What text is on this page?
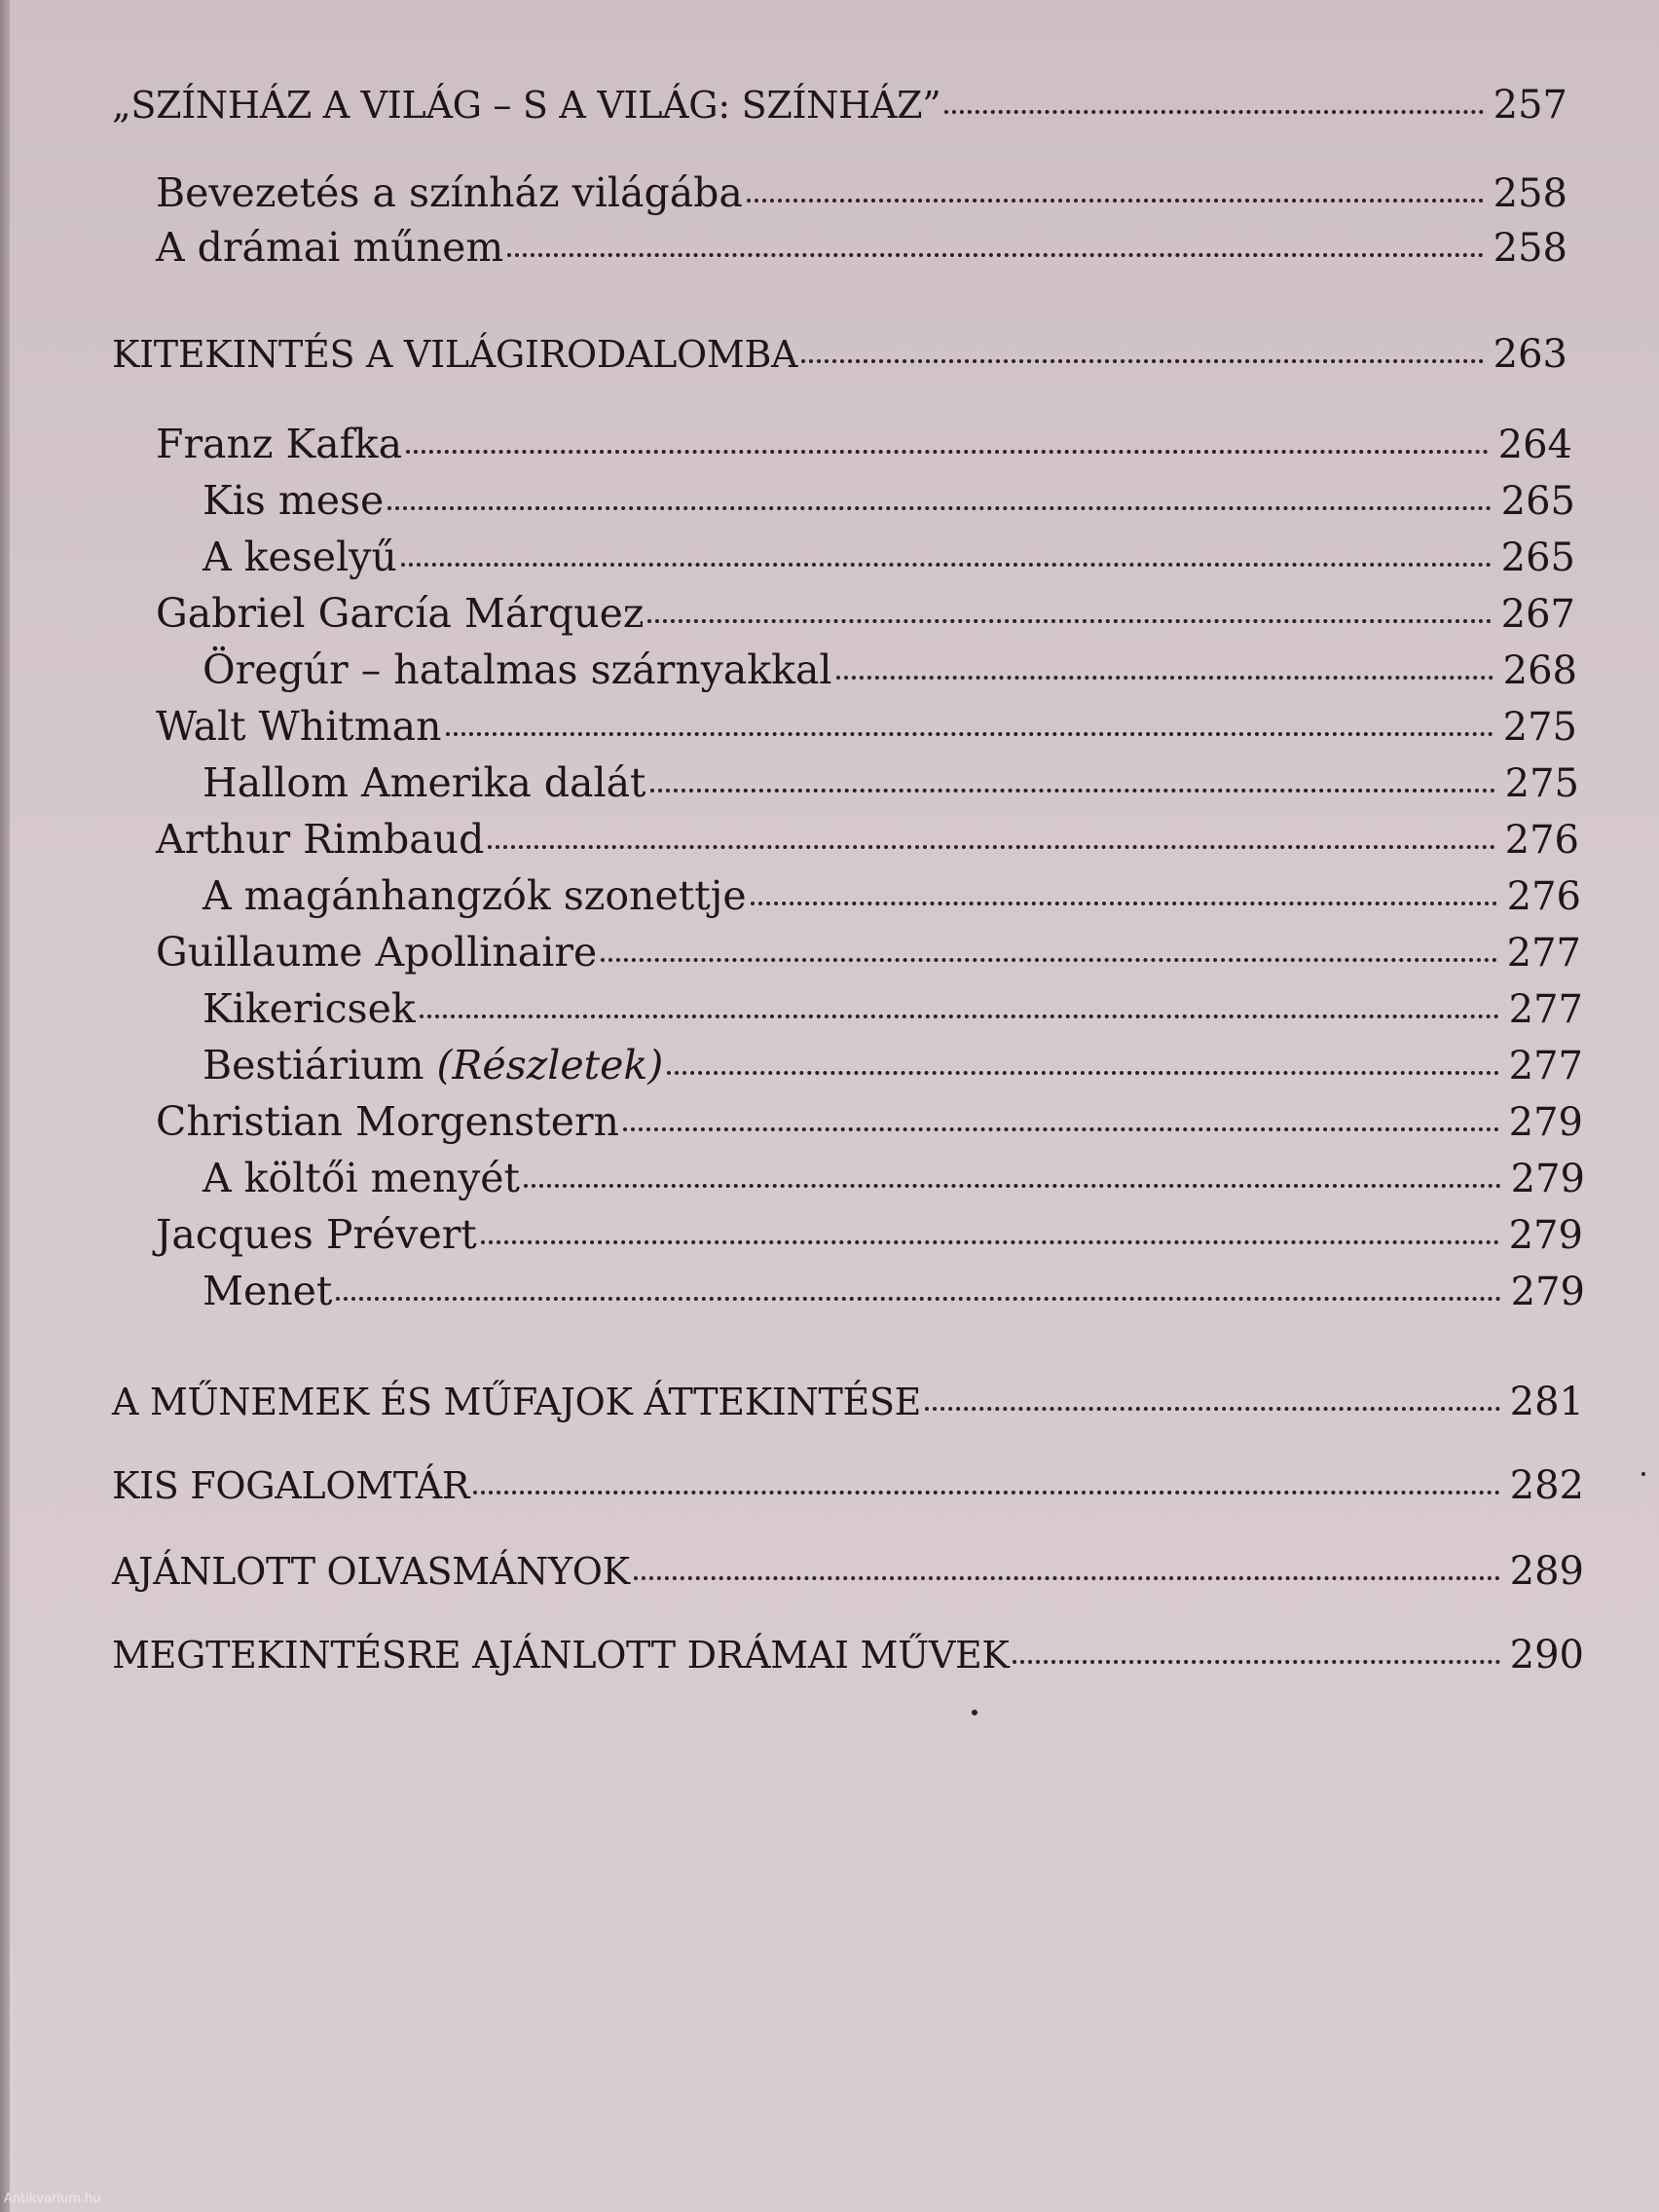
„SZÍNHÁZ A VILÁG – S A VILÁG: SZÍNHÁZ”	257
Bevezetés a színház világába	258
A drámai műnem	258
KITEKINTÉS A VILÁGIRODALOMBA	263
Franz Kafka	264
Kis mese	265
A keselyű	265
Gabriel García Márquez	267
Öregúr – hatalmas szárnyakkal	268
Walt Whitman	275
Hallom Amerika dalát	275
Arthur Rimbaud	276
A magánhangzók szonettje	276
Guillaume Apollinaire	277
Kikericsek	277
Bestiárium (Részletek)	277
Christian Morgenstern	279
A költői menyét	279
Jacques Prévert	279
Menet	279
A MŰNEMEK ÉS MŰFAJOK ÁTTEKINTÉSE	281
KIS FOGALOMTÁR	282
AJÁNLOTT OLVASMÁNYOK	289
MEGTEKINTÉSRE AJÁNLOTT DRÁMAI MŰVEK	290
Antikvarium.hu
